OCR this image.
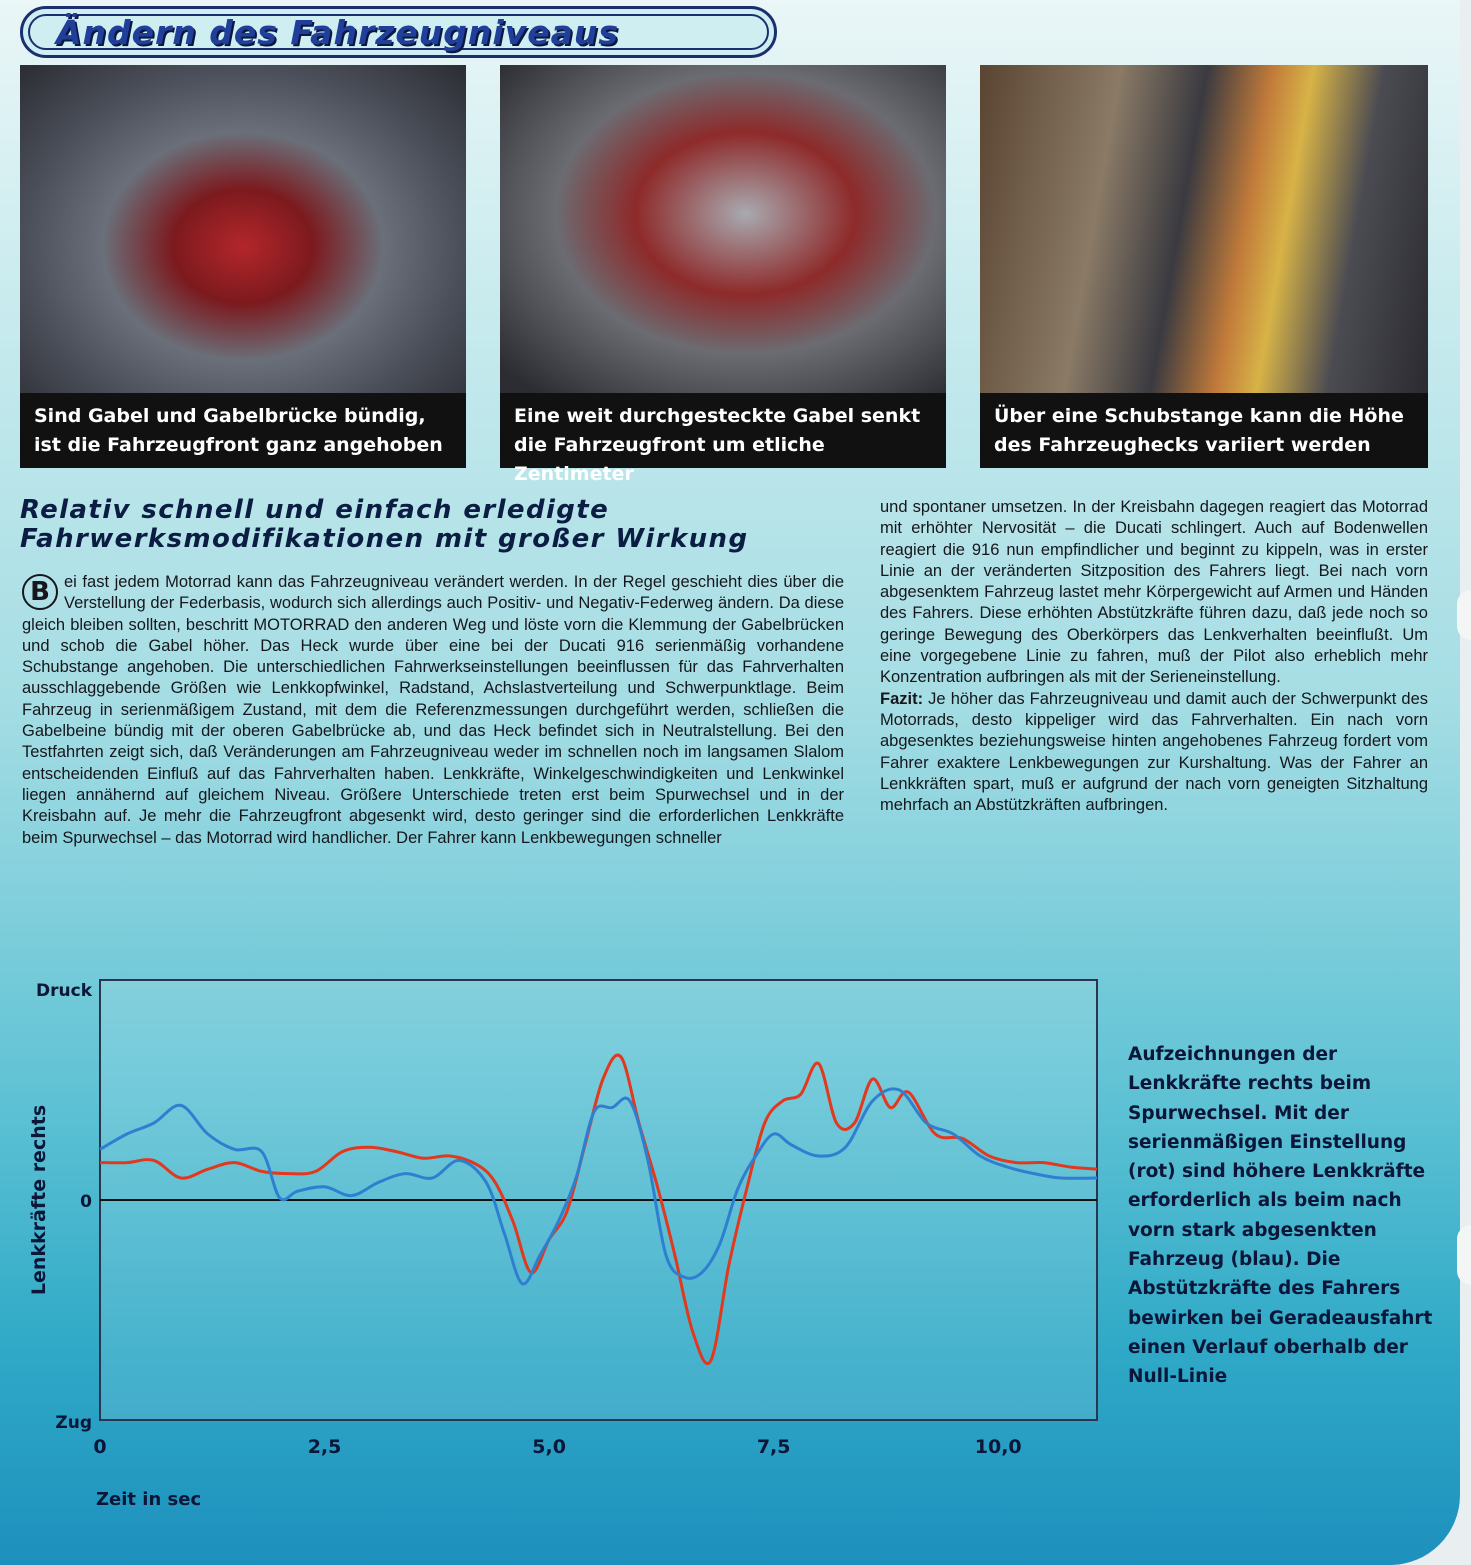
Ändern des Fahrzeugniveaus
Sind Gabel und Gabelbrücke bündig,
ist die Fahrzeugfront ganz angehoben
Eine weit durchgesteckte Gabel senkt
die Fahrzeugfront um etliche Zentimeter
Über eine Schubstange kann die Höhe
des Fahrzeughecks variiert werden
Relativ schnell und einfach erledigte Fahrwerksmodifikationen mit großer Wirkung
B ei fast jedem Motorrad kann das Fahrzeugniveau verändert werden. In der Regel geschieht dies über die Verstellung der Federbasis, wodurch sich allerdings auch Positiv- und Negativ-Federweg ändern. Da diese gleich bleiben sollten, beschritt MOTORRAD den anderen Weg und löste vorn die Klemmung der Gabelbrücken und schob die Gabel höher. Das Heck wurde über eine bei der Ducati 916 serienmäßig vorhandene Schubstange angehoben. Die unterschiedlichen Fahrwerkseinstellungen beeinflussen für das Fahrverhalten ausschlaggebende Größen wie Lenkkopfwinkel, Radstand, Achslastverteilung und Schwerpunktlage. Beim Fahrzeug in serienmäßigem Zustand, mit dem die Referenzmessungen durchgeführt werden, schließen die Gabelbeine bündig mit der oberen Gabelbrücke ab, und das Heck befindet sich in Neutralstellung. Bei den Testfahrten zeigt sich, daß Veränderungen am Fahrzeugniveau weder im schnellen noch im langsamen Slalom entscheidenden Einfluß auf das Fahrverhalten haben. Lenkkräfte, Winkelgeschwindigkeiten und Lenkwinkel liegen annähernd auf gleichem Niveau. Größere Unterschiede treten erst beim Spurwechsel und in der Kreisbahn auf. Je mehr die Fahrzeugfront abgesenkt wird, desto geringer sind die erforderlichen Lenkkräfte beim Spurwechsel – das Motorrad wird handlicher. Der Fahrer kann Lenkbewegungen schneller
und spontaner umsetzen. In der Kreisbahn dagegen reagiert das Motorrad mit erhöhter Nervosität – die Ducati schlingert. Auch auf Bodenwellen reagiert die 916 nun empfindlicher und beginnt zu kippeln, was in erster Linie an der veränderten Sitzposition des Fahrers liegt. Bei nach vorn abgesenktem Fahrzeug lastet mehr Körpergewicht auf Armen und Händen des Fahrers. Diese erhöhten Abstützkräfte führen dazu, daß jede noch so geringe Bewegung des Oberkörpers das Lenkverhalten beeinflußt. Um eine vorgegebene Linie zu fahren, muß der Pilot also erheblich mehr Konzentration aufbringen als mit der Serieneinstellung.
Fazit: Je höher das Fahrzeugniveau und damit auch der Schwerpunkt des Motorrads, desto kippeliger wird das Fahrverhalten. Ein nach vorn abgesenktes beziehungsweise hinten angehobenes Fahrzeug fordert vom Fahrer exaktere Lenkbewegungen zur Kurshaltung. Was der Fahrer an Lenkkräften spart, muß er aufgrund der nach vorn geneigten Sitzhaltung mehrfach an Abstützkräften aufbringen.
0	2,5	5,0	7,5	10,0
Druck
0
Zug
Lenkkräfte rechts
Zeit in sec
Aufzeichnungen der Lenkkräfte rechts beim Spurwechsel. Mit der serienmäßigen Einstellung (rot) sind höhere Lenkkräfte erforderlich als beim nach vorn stark abgesenkten Fahrzeug (blau). Die Abstützkräfte des Fahrers bewirken bei Geradeausfahrt einen Verlauf oberhalb der Null-Linie
